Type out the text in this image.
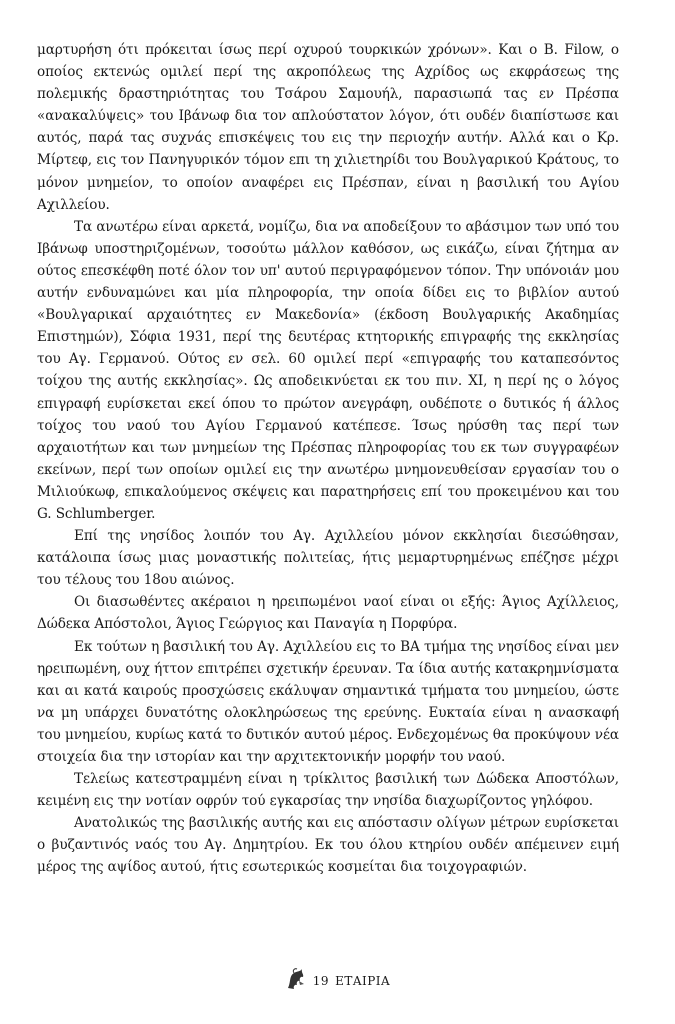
μαρτυρήση ότι πρόκειται ίσως περί οχυρού τουρκικών χρόνων». Και ο Β. Filow, ο οποίος εκτενώς ομιλεί περί της ακροπόλεως της Αχρίδος ως εκφράσεως της πολεμικής δραστηριότητας του Τσάρου Σαμουήλ, παρασιωπά τας εν Πρέσπα «ανακαλύψεις» του Ιβάνωφ δια τον απλούστατον λόγον, ότι ουδέν διαπίστωσε και αυτός, παρά τας συχνάς επισκέψεις του εις την περιοχήν αυτήν. Αλλά και ο Κρ. Μίρτεφ, εις τον Πανηγυρικόν τόμον επι τη χιλιετηρίδι του Βουλγαρικού Κράτους, το μόνον μνημείον, το οποίον αναφέρει εις Πρέσπαν, είναι η βασιλική του Αγίου Αχιλλείου.

Τα ανωτέρω είναι αρκετά, νομίζω, δια να αποδείξουν το αβάσιμον των υπό του Ιβάνωφ υποστηριζομένων, τοσούτω μάλλον καθόσον, ως εικάζω, είναι ζήτημα αν ούτος επεσκέφθη ποτέ όλον τον υπ' αυτού περιγραφόμενον τόπον. Την υπόνοιάν μου αυτήν ενδυναμώνει και μία πληροφορία, την οποία δίδει εις το βιβλίον αυτού «Βουλγαρικαί αρχαιότητες εν Μακεδονία» (έκδοση Βουλγαρικής Ακαδημίας Επιστημών), Σόφια 1931, περί της δευτέρας κτητορικής επιγραφής της εκκλησίας του Αγ. Γερμανού. Ούτος εν σελ. 60 ομιλεί περί «επιγραφής του καταπεσόντος τοίχου της αυτής εκκλησίας». Ως αποδεικνύεται εκ του πιν. XI, η περί ης ο λόγος επιγραφή ευρίσκεται εκεί όπου το πρώτον ανεγράφη, ουδέποτε ο δυτικός ή άλλος τοίχος του ναού του Αγίου Γερμανού κατέπεσε. Ίσως ηρύσθη τας περί των αρχαιοτήτων και των μνημείων της Πρέσπας πληροφορίας του εκ των συγγραφέων εκείνων, περί των οποίων ομιλεί εις την ανωτέρω μνημονευθείσαν εργασίαν του ο Μιλιούκωφ, επικαλούμενος σκέψεις και παρατηρήσεις επί του προκειμένου και του G. Schlumberger.

Επί της νησίδος λοιπόν του Αγ. Αχιλλείου μόνον εκκλησίαι διεσώθησαν, κατάλοιπα ίσως μιας μοναστικής πολιτείας, ήτις μεμαρτυρημένως επέζησε μέχρι του τέλους του 18ου αιώνος.

Οι διασωθέντες ακέραιοι η ηρειπωμένοι ναοί είναι οι εξής: Άγιος Αχίλλειος, Δώδεκα Απόστολοι, Άγιος Γεώργιος και Παναγία η Πορφύρα.

Εκ τούτων η βασιλική του Αγ. Αχιλλείου εις το ΒΑ τμήμα της νησίδος είναι μεν ηρειπωμένη, ουχ ήττον επιτρέπει σχετικήν έρευναν. Τα ίδια αυτής κατακρημνίσματα και αι κατά καιρούς προσχώσεις εκάλυψαν σημαντικά τμήματα του μνημείου, ώστε να μη υπάρχει δυνατότης ολοκληρώσεως της ερεύνης. Ευκταία είναι η ανασκαφή του μνημείου, κυρίως κατά το δυτικόν αυτού μέρος. Ενδεχομένως θα προκύψουν νέα στοιχεία δια την ιστορίαν και την αρχιτεκτονικήν μορφήν του ναού.

Τελείως κατεστραμμένη είναι η τρίκλιτος βασιλική των Δώδεκα Αποστόλων, κειμένη εις την νοτίαν οφρύν τού εγκαρσίας την νησίδα διαχωρίζοντος γηλόφου.

Ανατολικώς της βασιλικής αυτής και εις απόστασιν ολίγων μέτρων ευρίσκεται ο βυζαντινός ναός του Αγ. Δημητρίου. Εκ του όλου κτηρίου ουδέν απέμεινεν ειμή μέρος της αψίδος αυτού, ήτις εσωτερικώς κοσμείται δια τοιχογραφιών.

19 ΕΤΑΙΡΙΑ
